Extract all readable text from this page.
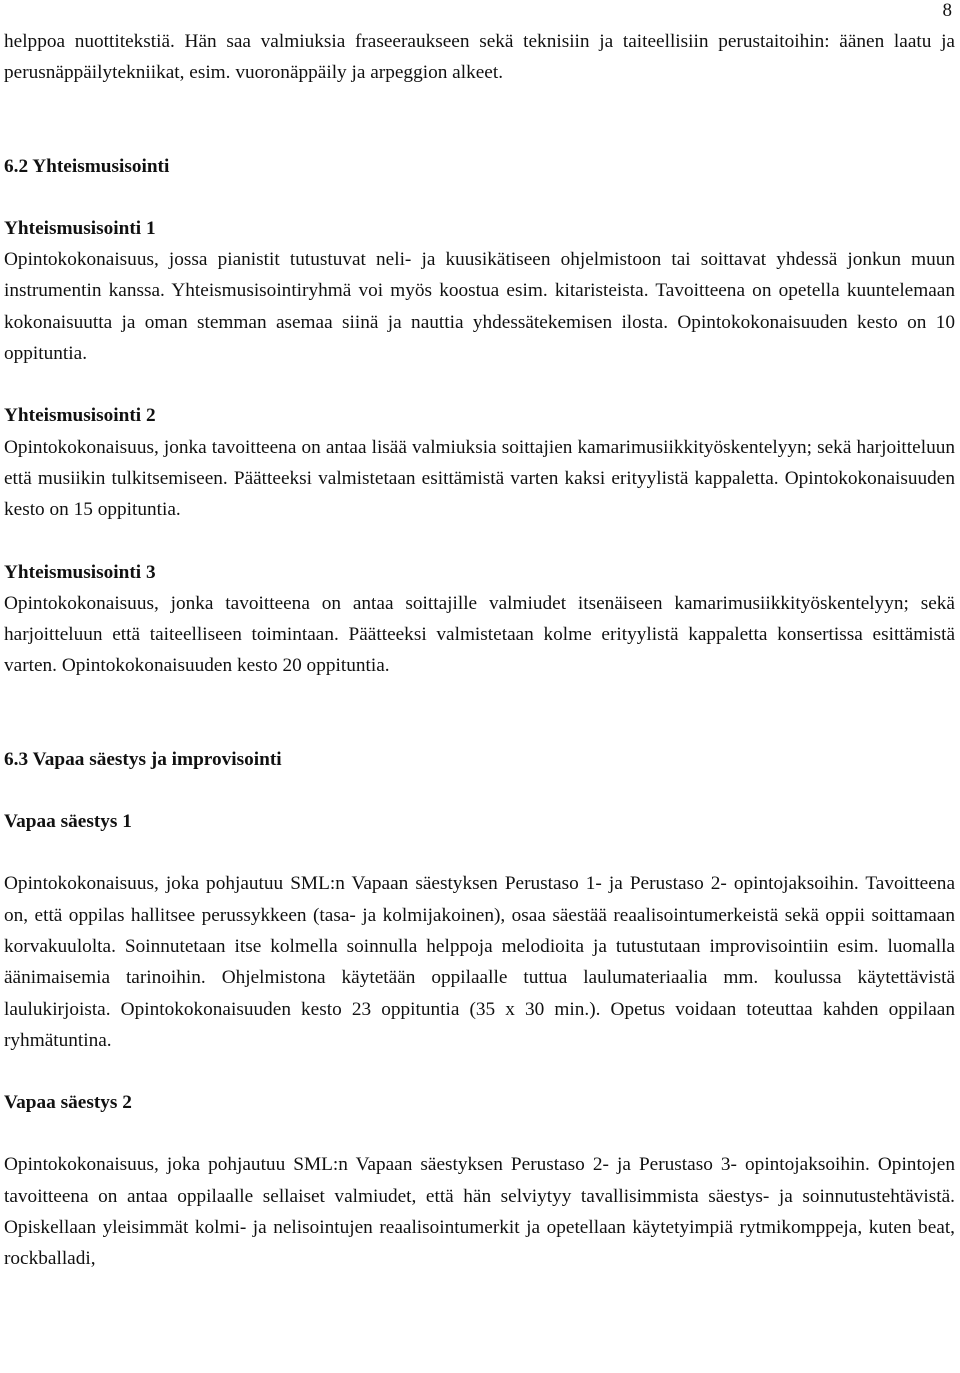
8

helppoa nuottitekstiä. Hän saa valmiuksia fraseeraukseen sekä teknisiin ja taiteellisiin perustaitoihin: äänen laatu ja perusnäppäilytekniikat, esim. vuoronäppäily ja arpeggion alkeet.

6.2 Yhteismusisointi

Yhteismusisointi 1

Opintokokonaisuus, jossa pianistit tutustuvat neli- ja kuusikätiseen ohjelmistoon tai soittavat yhdessä jonkun muun instrumentin kanssa. Yhteismusisointiryhmä voi myös koostua esim. kitaristeista. Tavoitteena on opetella kuuntelemaan kokonaisuutta ja oman stemman asemaa siinä ja nauttia yhdessätekemisen ilosta. Opintokokonaisuuden kesto on 10 oppituntia.

Yhteismusisointi 2

Opintokokonaisuus, jonka tavoitteena on antaa lisää valmiuksia soittajien kamarimusiikkityöskentelyyn; sekä harjoitteluun että musiikin tulkitsemiseen. Päätteeksi valmistetaan esittämistä varten kaksi erityylistä kappaletta. Opintokokonaisuuden kesto on 15 oppituntia.

Yhteismusisointi 3

Opintokokonaisuus, jonka tavoitteena on antaa soittajille valmiudet itsenäiseen kamarimusiikkityöskentelyyn; sekä harjoitteluun että taiteelliseen toimintaan. Päätteeksi valmistetaan kolme erityylistä kappaletta konsertissa esittämistä varten. Opintokokonaisuuden kesto 20 oppituntia.

6.3 Vapaa säestys ja improvisointi

Vapaa säestys 1

Opintokokonaisuus, joka pohjautuu SML:n Vapaan säestyksen Perustaso 1- ja Perustaso 2- opintojaksoihin. Tavoitteena on, että oppilas hallitsee perussykkeen (tasa- ja kolmijakoinen), osaa säestää reaalisointumerkeistä sekä oppii soittamaan korvakuulolta. Soinnutetaan itse kolmella soinnulla helppoja melodioita ja tutustutaan improvisointiin esim. luomalla äänimaisemia tarinoihin. Ohjelmistona käytetään oppilaalle tuttua laulumateriaalia mm. koulussa käytettävistä laulukirjoista. Opintokokonaisuuden kesto 23 oppituntia (35 x 30 min.). Opetus voidaan toteuttaa kahden oppilaan ryhmätuntina.

Vapaa säestys 2

Opintokokonaisuus, joka pohjautuu SML:n Vapaan säestyksen Perustaso 2- ja Perustaso 3- opintojaksoihin. Opintojen tavoitteena on antaa oppilaalle sellaiset valmiudet, että hän selviytyy tavallisimmista säestys- ja soinnutustehtävistä. Opiskellaan yleisimmät kolmi- ja nelisointujen reaalisointumerkit ja opetellaan käytetyimpiä rytmikomppeja, kuten beat, rockballadi,
